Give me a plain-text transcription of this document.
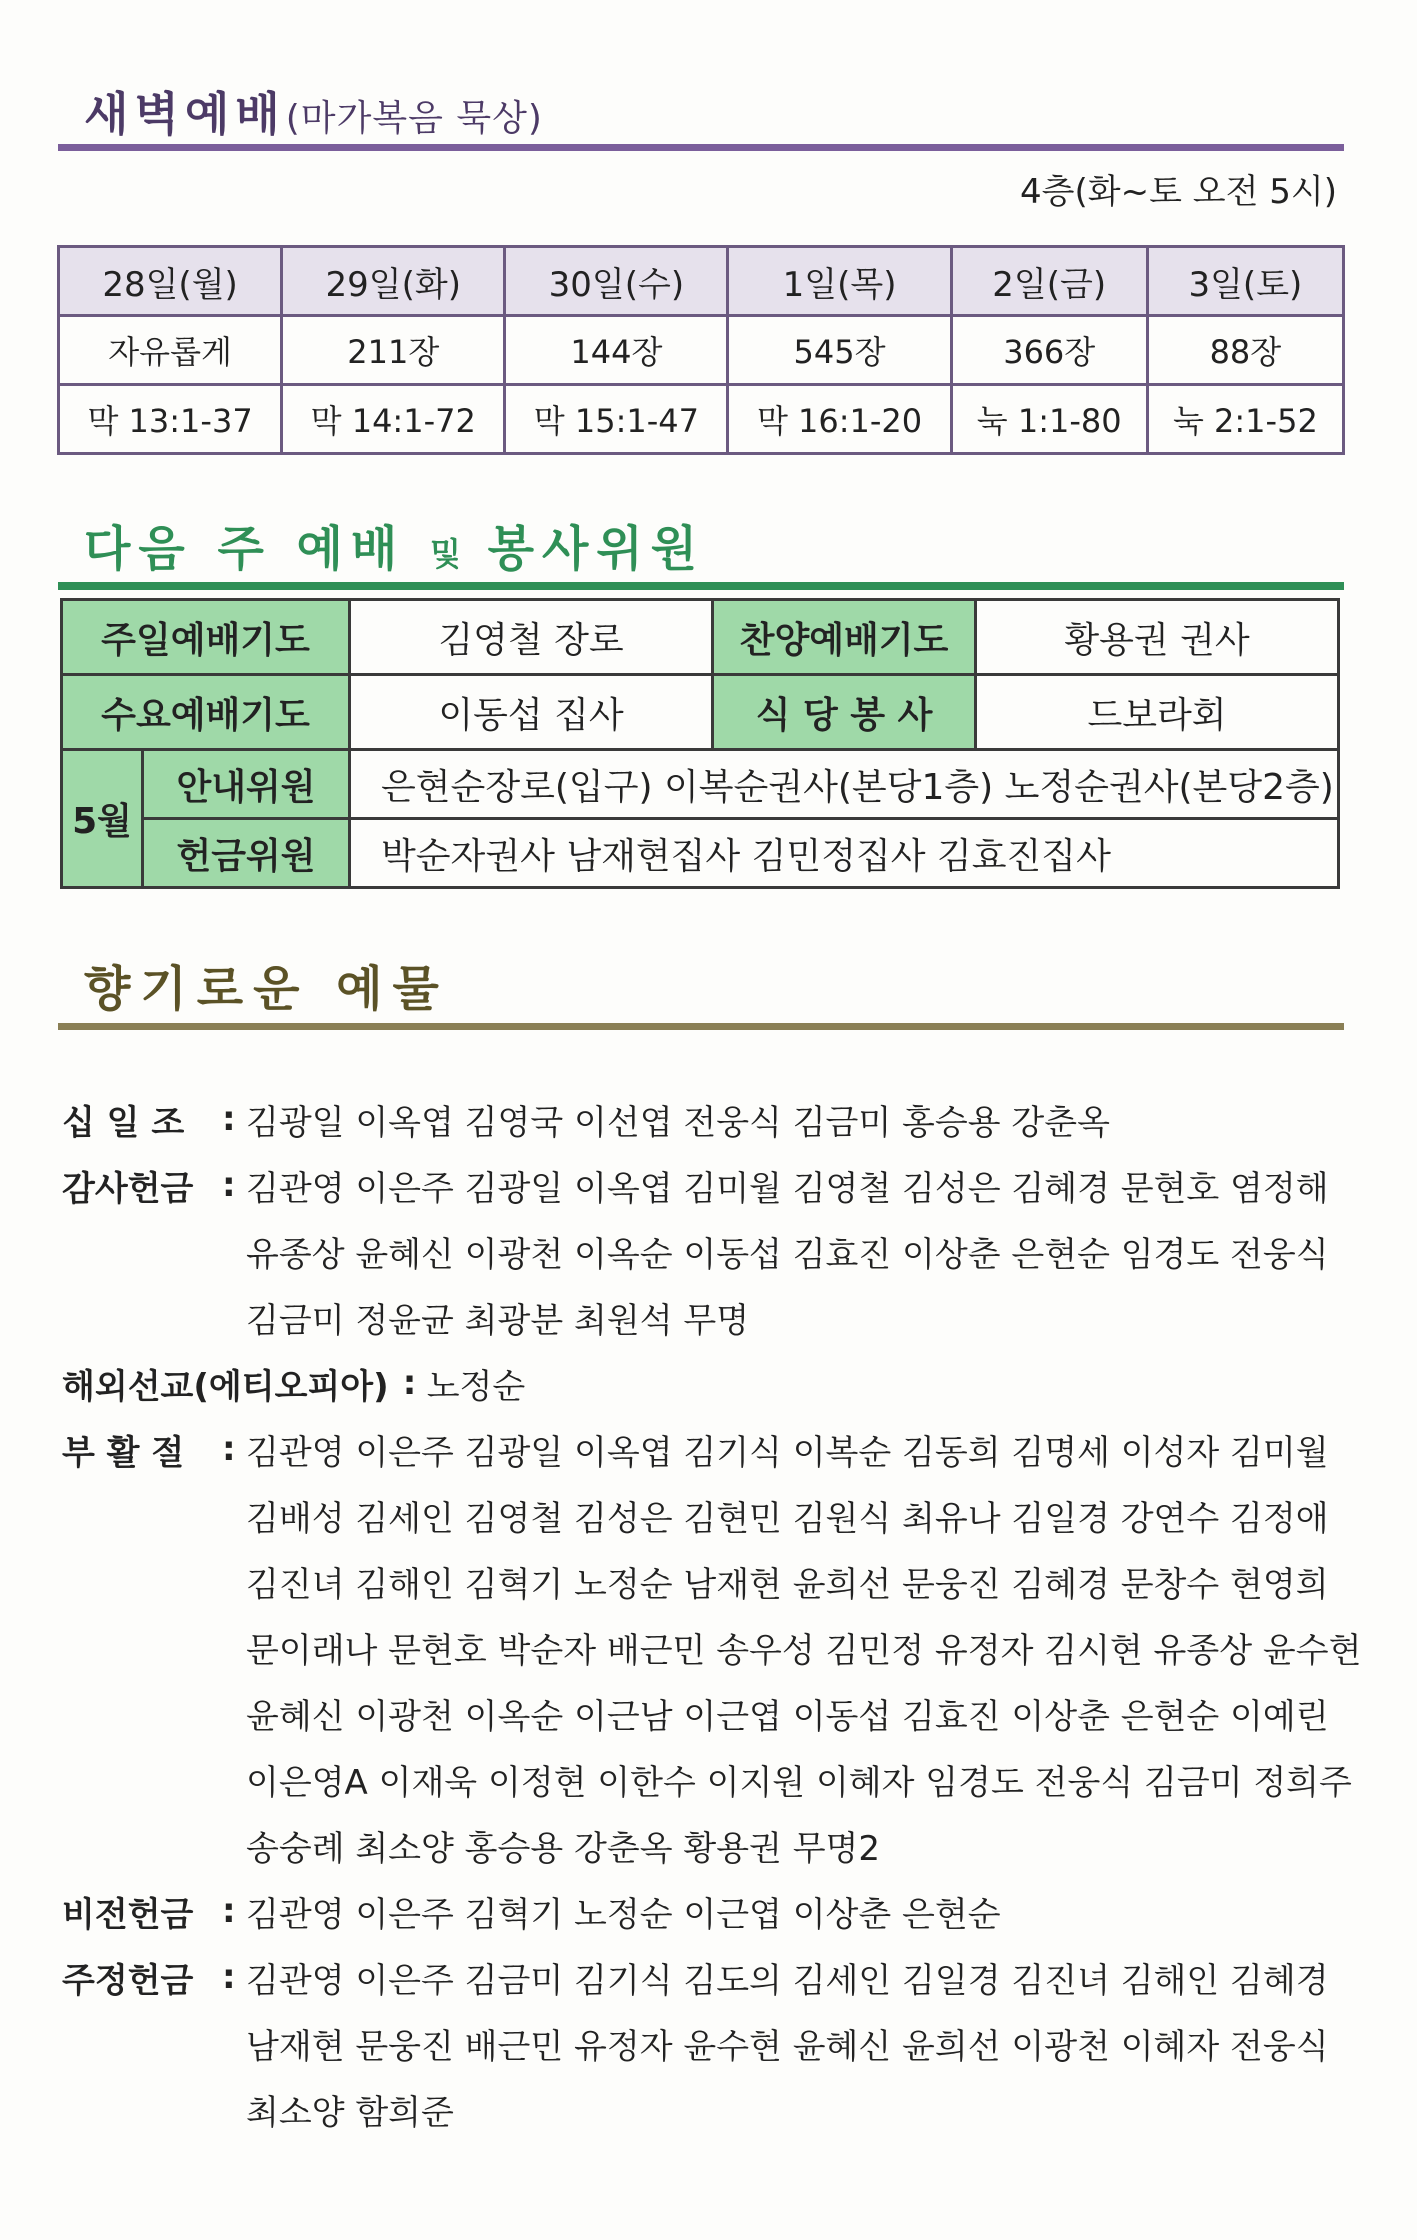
새벽예배(마가복음 묵상)
4층(화~토 오전 5시)
28일(월)	29일(화)	30일(수)	1일(목)	2일(금)	3일(토)
자유롭게	211장	144장	545장	366장	88장
막 13:1-37	막 14:1-72	막 15:1-47	막 16:1-20	눅 1:1-80	눅 2:1-52
다음 주 예배 및 봉사위원
주일예배기도		김영철 장로	찬양예배기도	황용권 권사
수요예배기도		이동섭 집사	식 당 봉 사	드보라회
5월	안내위원	은현순장로(입구) 이복순권사(본당1층) 노정순권사(본당2층)		
	헌금위원	박순자권사 남재현집사 김민정집사 김효진집사		
향기로운 예물
십 일 조	: 김광일 이옥엽 김영국 이선엽 전웅식 김금미 홍승용 강춘옥
감사헌금 : 김관영 이은주 김광일 이옥엽 김미월 김영철 김성은 김혜경 문현호 염정해
유종상 윤혜신 이광천 이옥순 이동섭 김효진 이상춘 은현순 임경도 전웅식
김금미 정윤균 최광분 최원석 무명
해외선교(에티오피아) : 노정순
부 활 절	: 김관영 이은주 김광일 이옥엽 김기식 이복순 김동희 김명세 이성자 김미월
김배성 김세인 김영철 김성은 김현민 김원식 최유나 김일경 강연수 김정애
김진녀 김해인 김혁기 노정순 남재현 윤희선 문웅진 김혜경 문창수 현영희
문이래나 문현호 박순자 배근민 송우성 김민정 유정자 김시현 유종상 윤수현
윤혜신 이광천 이옥순 이근남 이근엽 이동섭 김효진 이상춘 은현순 이예린
이은영A 이재욱 이정현 이한수 이지원 이혜자 임경도 전웅식 김금미 정희주
송숭례 최소양 홍승용 강춘옥 황용권 무명2
비전헌금 : 김관영 이은주 김혁기 노정순 이근엽 이상춘 은현순
주정헌금 : 김관영 이은주 김금미 김기식 김도의 김세인 김일경 김진녀 김해인 김혜경
남재현 문웅진 배근민 유정자 윤수현 윤혜신 윤희선 이광천 이혜자 전웅식
최소양 함희준
